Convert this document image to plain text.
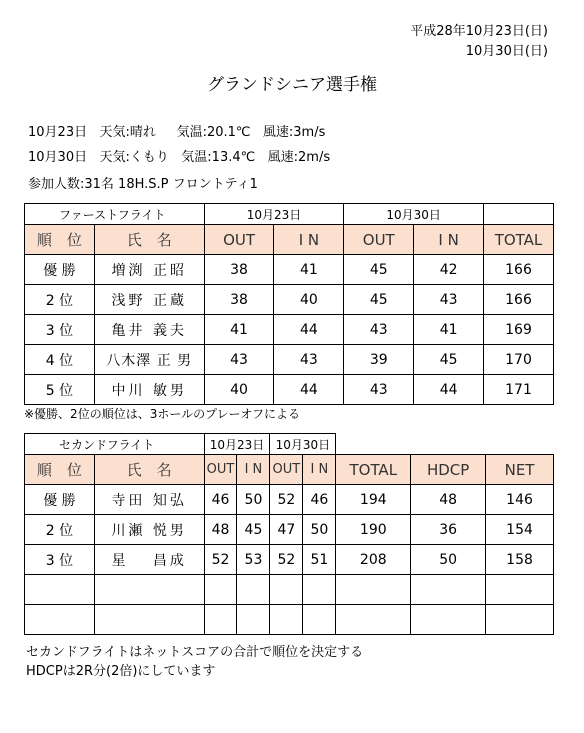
平成28年10月23日(日)
10月30日(日)
グランドシニア選手権
10月23日 天気:晴れ 気温:20.1℃ 風速:3m/s
10月30日 天気:くもり 気温:13.4℃ 風速:2m/s
参加人数:31名 18H.S.P フロントティ1
ファーストフライト		10月23日		10月30日		
順　位	氏　名	OUT	I N	OUT	I N	TOTAL
優 勝	増渕 正昭	38	41	45	42	166
2 位	浅野 正蔵	38	40	45	43	166
3 位	亀井 義夫	41	44	43	41	169
4 位	八木澤 正 男	43	43	39	45	170
5 位	中川 敏男	40	44	43	44	171
※優勝、2位の順位は、3ホールのプレーオフによる
セカンドフライト		10月23日		10月30日				
順　位	氏　名	OUT	I N	OUT	I N	TOTAL	HDCP	NET
優 勝	寺田 知弘	46	50	52	46	194	48	146
2 位	川瀬 悦男	48	45	47	50	190	36	154
3 位	星　 昌成	52	53	52	51	208	50	158

セカンドフライトはネットスコアの合計で順位を決定する
HDCPは2R分(2倍)にしています
